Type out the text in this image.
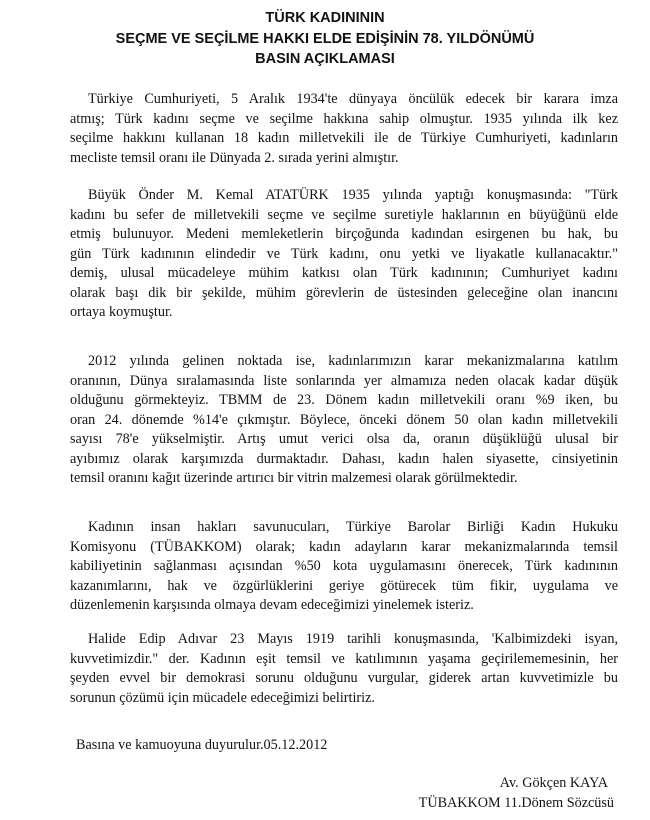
TÜRK KADINININ
SEÇME VE SEÇİLME HAKKI ELDE EDİŞİNİN 78. YILDÖNÜMÜ
BASIN AÇIKLAMASI
Türkiye Cumhuriyeti, 5 Aralık 1934'te dünyaya öncülük edecek bir karara imza
atmış; Türk kadını seçme ve seçilme hakkına sahip olmuştur. 1935 yılında ilk kez
seçilme hakkını kullanan 18 kadın milletvekili ile de Türkiye Cumhuriyeti, kadınların
mecliste temsil oranı ile Dünyada 2. sırada yerini almıştır.
Büyük Önder M. Kemal ATATÜRK 1935 yılında yaptığı konuşmasında: "Türk
kadını bu sefer de milletvekili seçme ve seçilme suretiyle haklarının en büyüğünü elde
etmiş bulunuyor. Medeni memleketlerin birçoğunda kadından esirgenen bu hak, bu
gün Türk kadınının elindedir ve Türk kadını, onu yetki ve liyakatle kullanacaktır."
demiş, ulusal mücadeleye mühim katkısı olan Türk kadınının; Cumhuriyet kadını
olarak başı dik bir şekilde, mühim görevlerin de üstesinden geleceğine olan inancını
ortaya koymuştur.
2012 yılında gelinen noktada ise, kadınlarımızın karar mekanizmalarına katılım
oranının, Dünya sıralamasında liste sonlarında yer almamıza neden olacak kadar düşük
olduğunu görmekteyiz. TBMM de 23. Dönem kadın milletvekili oranı %9 iken, bu
oran 24. dönemde %14'e çıkmıştır. Böylece, önceki dönem 50 olan kadın milletvekili
sayısı 78'e yükselmiştir. Artış umut verici olsa da, oranın düşüklüğü ulusal bir
ayıbımız olarak karşımızda durmaktadır. Dahası, kadın halen siyasette, cinsiyetinin
temsil oranını kağıt üzerinde artırıcı bir vitrin malzemesi olarak görülmektedir.
Kadının insan hakları savunucuları, Türkiye Barolar Birliği Kadın Hukuku
Komisyonu (TÜBAKKOM) olarak; kadın adayların karar mekanizmalarında temsil
kabiliyetinin sağlanması açısından %50 kota uygulamasını önerecek, Türk kadınının
kazanımlarını, hak ve özgürlüklerini geriye götürecek tüm fikir, uygulama ve
düzenlemenin karşısında olmaya devam edeceğimizi yinelemek isteriz.
Halide Edip Adıvar 23 Mayıs 1919 tarihli konuşmasında, 'Kalbimizdeki isyan,
kuvvetimizdir." der. Kadının eşit temsil ve katılımının yaşama geçirilememesinin, her
şeyden evvel bir demokrasi sorunu olduğunu vurgular, giderek artan kuvvetimizle bu
sorunun çözümü için mücadele edeceğimizi belirtiriz.
Basına ve kamuoyuna duyurulur.05.12.2012
Av. Gökçen KAYA
TÜBAKKOM 11.Dönem Sözcüsü
